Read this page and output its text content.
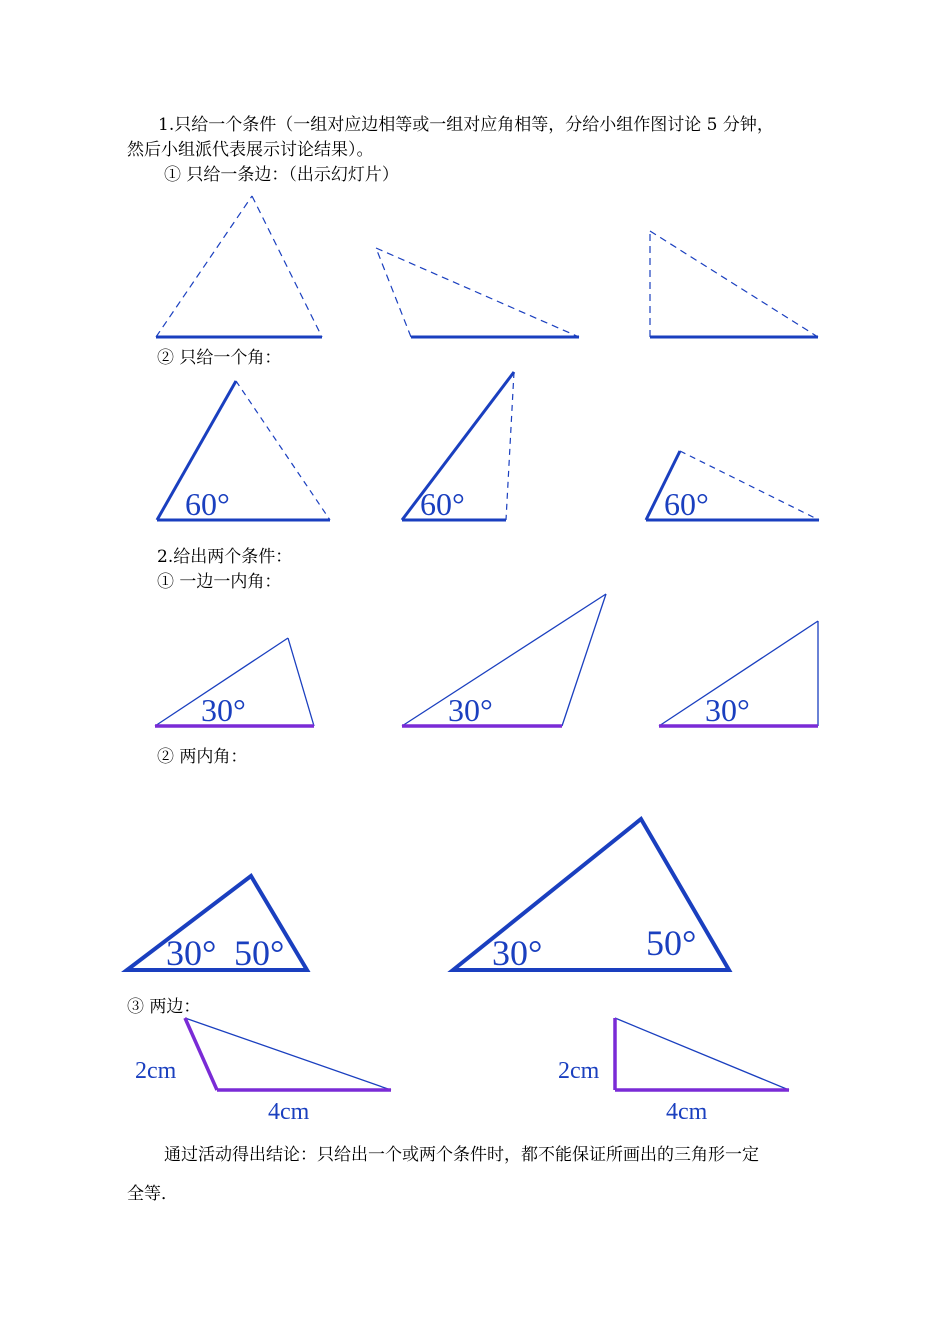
1.只给一个条件（一组对应边相等或一组对应角相等，分给小组作图讨论 5 分钟，
然后小组派代表展示讨论结果）。
① 只给一条边：（出示幻灯片）
② 只给一个角：
2.给出两个条件：
① 一边一内角：
② 两内角：
③ 两边：
通过活动得出结论：只给出一个或两个条件时，都不能保证所画出的三角形一定
全等．
60°	60°	60°
30°	30°	30°
30° 50°	30°	50°
2cm
4cm
2cm
4cm
